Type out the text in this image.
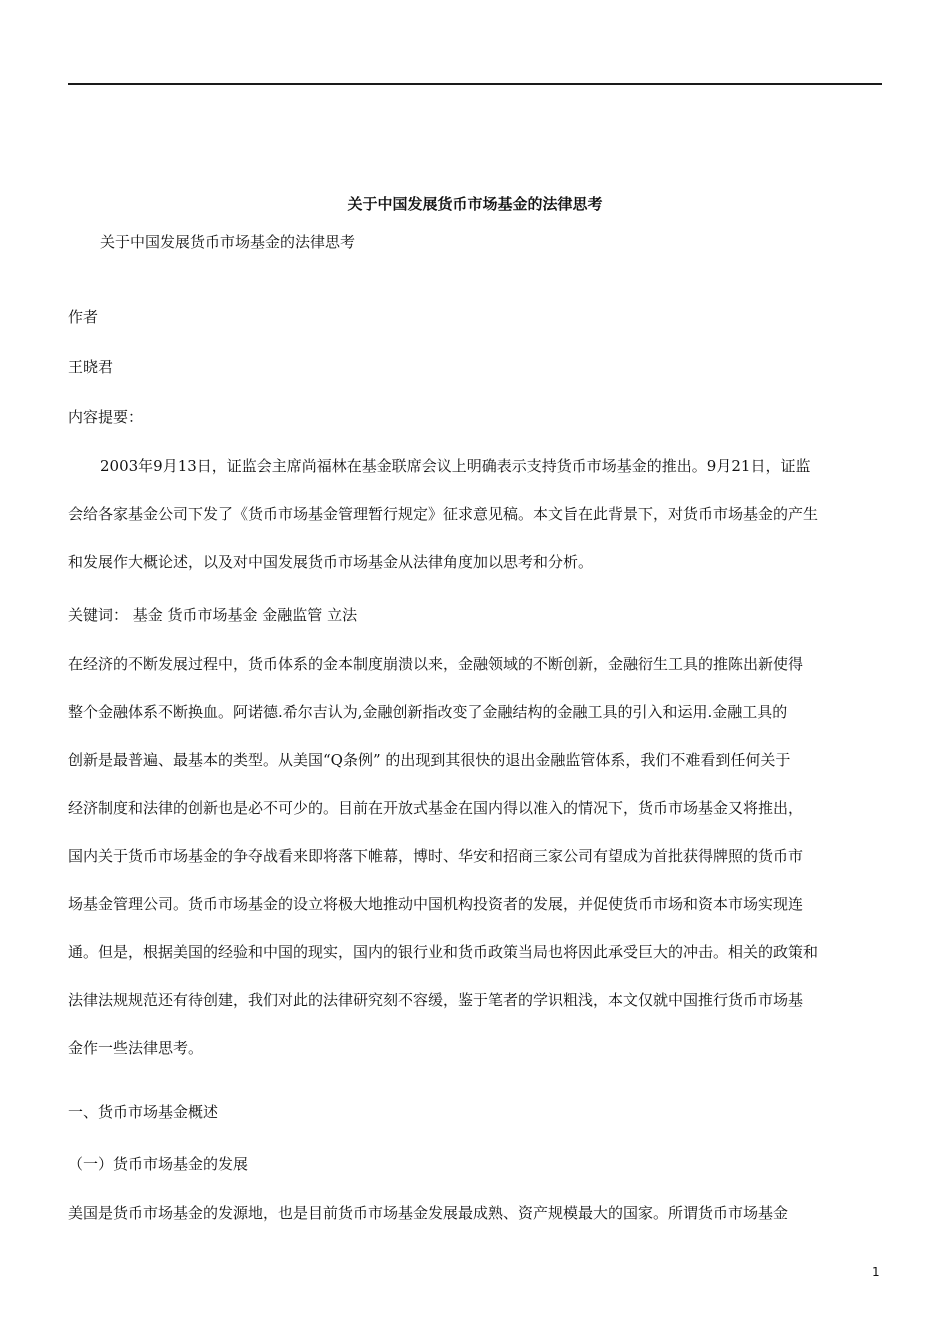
关于中国发展货币市场基金的法律思考
关于中国发展货币市场基金的法律思考
作者
王晓君
内容提要：
2003年9月13日，证监会主席尚福林在基金联席会议上明确表示支持货币市场基金的推出。9月21日，证监
会给各家基金公司下发了《货币市场基金管理暂行规定》征求意见稿。本文旨在此背景下，对货币市场基金的产生
和发展作大概论述，以及对中国发展货币市场基金从法律角度加以思考和分析。
关键词： 基金 货币市场基金 金融监管 立法
在经济的不断发展过程中，货币体系的金本制度崩溃以来，金融领域的不断创新，金融衍生工具的推陈出新使得
整个金融体系不断换血。阿诺德.希尔吉认为,金融创新指改变了金融结构的金融工具的引入和运用.金融工具的
创新是最普遍、最基本的类型。从美国“Q条例” 的出现到其很快的退出金融监管体系，我们不难看到任何关于
经济制度和法律的创新也是必不可少的。目前在开放式基金在国内得以准入的情况下，货币市场基金又将推出，
国内关于货币市场基金的争夺战看来即将落下帷幕，博时、华安和招商三家公司有望成为首批获得牌照的货币市
场基金管理公司。货币市场基金的设立将极大地推动中国机构投资者的发展，并促使货币市场和资本市场实现连
通。但是，根据美国的经验和中国的现实，国内的银行业和货币政策当局也将因此承受巨大的冲击。相关的政策和
法律法规规范还有待创建，我们对此的法律研究刻不容缓，鉴于笔者的学识粗浅，本文仅就中国推行货币市场基
金作一些法律思考。
一、货币市场基金概述
（一）货币市场基金的发展
美国是货币市场基金的发源地，也是目前货币市场基金发展最成熟、资产规模最大的国家。所谓货币市场基金
1
